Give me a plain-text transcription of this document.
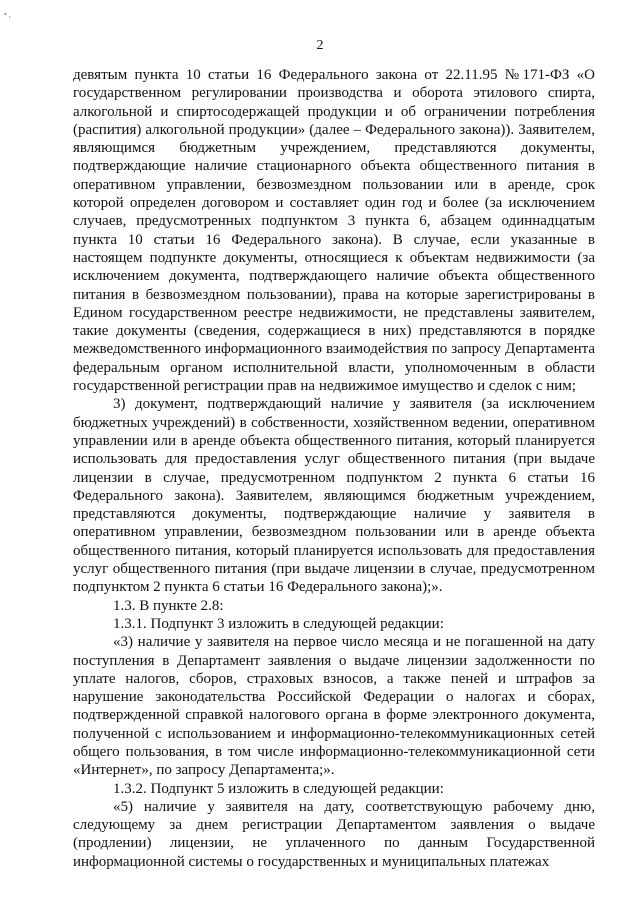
• ,
2

девятым пункта 10 статьи 16 Федерального закона от 22.11.95 №171-ФЗ «О государственном регулировании производства и оборота этилового спирта, алкогольной и спиртосодержащей продукции и об ограничении потребления (распития) алкогольной продукции» (далее – Федерального закона)). Заявителем, являющимся бюджетным учреждением, представляются документы, подтверждающие наличие стационарного объекта общественного питания в оперативном управлении, безвозмездном пользовании или в аренде, срок которой определен договором и составляет один год и более (за исключением случаев, предусмотренных подпунктом 3 пункта 6, абзацем одиннадцатым пункта 10 статьи 16 Федерального закона). В случае, если указанные в настоящем подпункте документы, относящиеся к объектам недвижимости (за исключением документа, подтверждающего наличие объекта общественного питания в безвозмездном пользовании), права на которые зарегистрированы в Едином государственном реестре недвижимости, не представлены заявителем, такие документы (сведения, содержащиеся в них) представляются в порядке межведомственного информационного взаимодействия по запросу Департамента федеральным органом исполнительной власти, уполномоченным в области государственной регистрации прав на недвижимое имущество и сделок с ним;

3) документ, подтверждающий наличие у заявителя (за исключением бюджетных учреждений) в собственности, хозяйственном ведении, оперативном управлении или в аренде объекта общественного питания, который планируется использовать для предоставления услуг общественного питания (при выдаче лицензии в случае, предусмотренном подпунктом 2 пункта 6 статьи 16 Федерального закона). Заявителем, являющимся бюджетным учреждением, представляются документы, подтверждающие наличие у заявителя в оперативном управлении, безвозмездном пользовании или в аренде объекта общественного питания, который планируется использовать для предоставления услуг общественного питания (при выдаче лицензии в случае, предусмотренном подпунктом 2 пункта 6 статьи 16 Федерального закона);».

1.3. В пункте 2.8:

1.3.1. Подпункт 3 изложить в следующей редакции:

«3) наличие у заявителя на первое число месяца и не погашенной на дату поступления в Департамент заявления о выдаче лицензии задолженности по уплате налогов, сборов, страховых взносов, а также пеней и штрафов за нарушение законодательства Российской Федерации о налогах и сборах, подтвержденной справкой налогового органа в форме электронного документа, полученной с использованием и информационно-телекоммуникационных сетей общего пользования, в том числе информационно-телекоммуникационной сети «Интернет», по запросу Департамента;».

1.3.2. Подпункт 5 изложить в следующей редакции:

«5) наличие у заявителя на дату, соответствующую рабочему дню, следующему за днем регистрации Департаментом заявления о выдаче (продлении) лицензии, не уплаченного по данным Государственной информационной системы о государственных и муниципальных платежах
